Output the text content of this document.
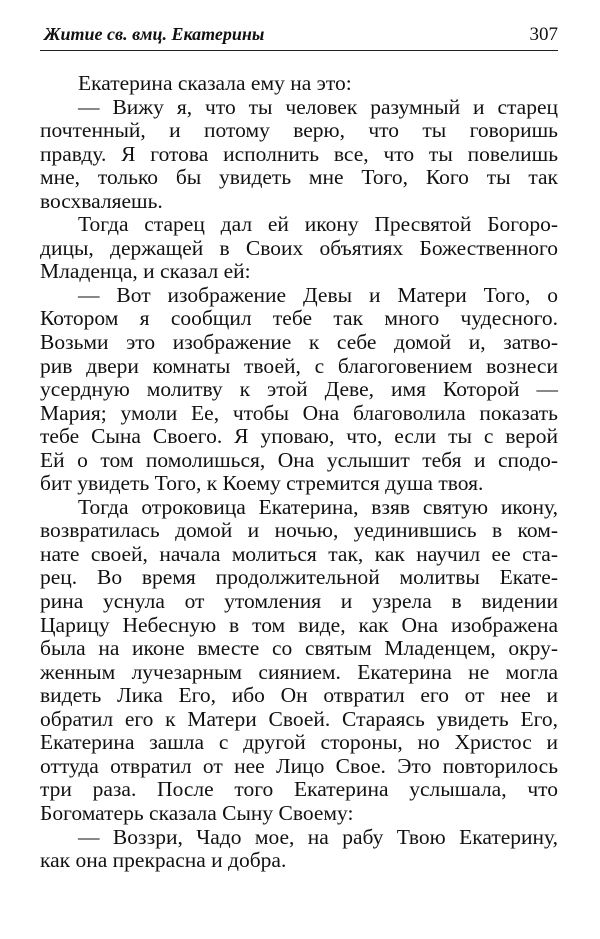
Житие св. вмц. Екатерины	307
Екатерина сказала ему на это:
— Вижу я, что ты человек разумный и старец
почтенный, и потому верю, что ты говоришь
правду. Я готова исполнить все, что ты повелишь
мне, только бы увидеть мне Того, Кого ты так
восхваляешь.
Тогда старец дал ей икону Пресвятой Богоро-
дицы, держащей в Своих объятиях Божественного
Младенца, и сказал ей:
— Вот изображение Девы и Матери Того, о
Котором я сообщил тебе так много чудесного.
Возьми это изображение к себе домой и, затво-
рив двери комнаты твоей, с благоговением вознеси
усердную молитву к этой Деве, имя Которой —
Мария; умоли Ее, чтобы Она благоволила показать
тебе Сына Своего. Я уповаю, что, если ты с верой
Ей о том помолишься, Она услышит тебя и сподо-
бит увидеть Того, к Коему стремится душа твоя.
Тогда отроковица Екатерина, взяв святую икону,
возвратилась домой и ночью, уединившись в ком-
нате своей, начала молиться так, как научил ее ста-
рец. Во время продолжительной молитвы Екате-
рина уснула от утомления и узрела в видении
Царицу Небесную в том виде, как Она изображена
была на иконе вместе со святым Младенцем, окру-
женным лучезарным сиянием. Екатерина не могла
видеть Лика Его, ибо Он отвратил его от нее и
обратил его к Матери Своей. Стараясь увидеть Его,
Екатерина зашла с другой стороны, но Христос и
оттуда отвратил от нее Лицо Свое. Это повторилось
три раза. После того Екатерина услышала, что
Богоматерь сказала Сыну Своему:
— Воззри, Чадо мое, на рабу Твою Екатерину,
как она прекрасна и добра.
